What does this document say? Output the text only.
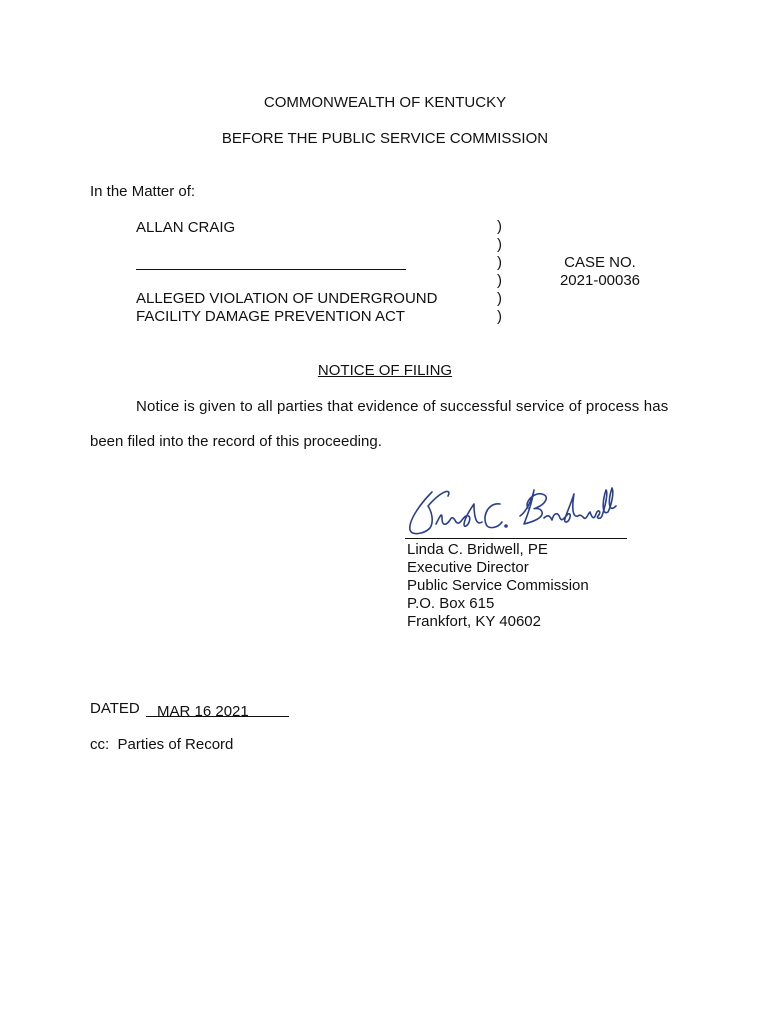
COMMONWEALTH OF KENTUCKY
BEFORE THE PUBLIC SERVICE COMMISSION
In the Matter of:
ALLAN CRAIG
ALLEGED VIOLATION OF UNDERGROUND
FACILITY DAMAGE PREVENTION ACT
)
)
)
)
)
)
CASE NO.
2021-00036
NOTICE OF FILING
Notice is given to all parties that evidence of successful service of process has
been filed into the record of this proceeding.
Linda C. Bridwell, PE
Executive Director
Public Service Commission
P.O. Box 615
Frankfort, KY 40602
DATED MAR 16 2021
cc:  Parties of Record
